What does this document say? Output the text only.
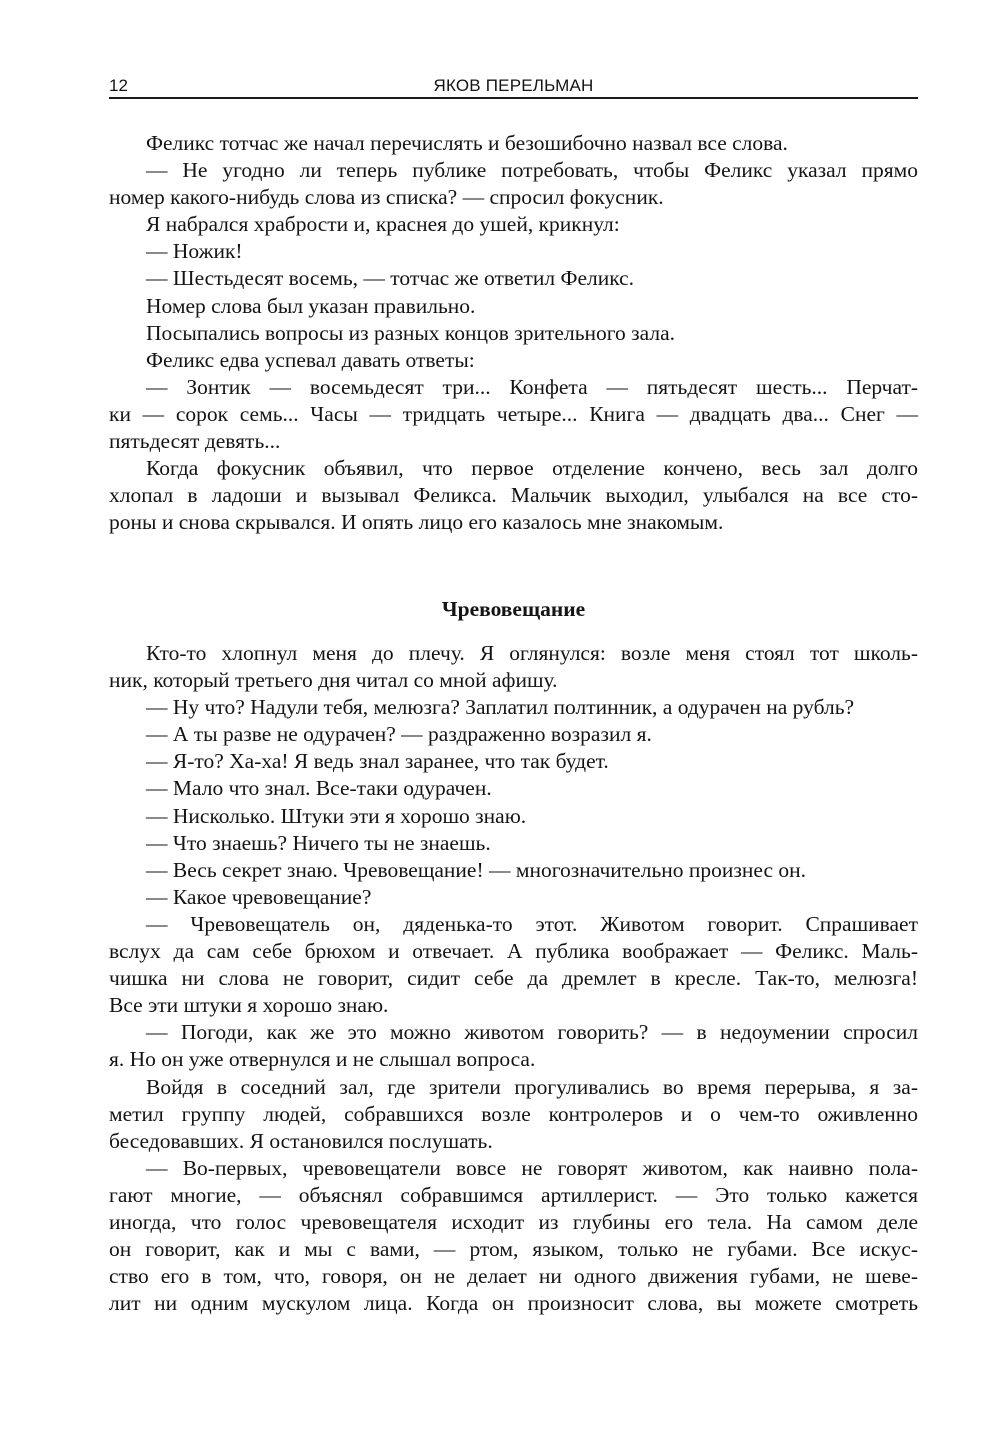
12	ЯКОВ ПЕРЕЛЬМАН

Феликс тотчас же начал перечислять и безошибочно назвал все слова.

— Не угодно ли теперь публике потребовать, чтобы Феликс указал прямо
номер какого-нибудь слова из списка? — спросил фокусник.

Я набрался храбрости и, краснея до ушей, крикнул:

— Ножик!

— Шестьдесят восемь, — тотчас же ответил Феликс.

Номер слова был указан правильно.

Посыпались вопросы из разных концов зрительного зала.

Феликс едва успевал давать ответы:

— Зонтик — восемьдесят три... Конфета — пятьдесят шесть... Перчат-
ки — сорок семь... Часы — тридцать четыре... Книга — двадцать два... Снег —
пятьдесят девять...

Когда фокусник объявил, что первое отделение кончено, весь зал долго
хлопал в ладоши и вызывал Феликса. Мальчик выходил, улыбался на все сто-
роны и снова скрывался. И опять лицо его казалось мне знакомым.

Чревовещание

Кто-то хлопнул меня до плечу. Я оглянулся: возле меня стоял тот школь-
ник, который третьего дня читал со мной афишу.

— Ну что? Надули тебя, мелюзга? Заплатил полтинник, а одурачен на рубль?

— А ты разве не одурачен? — раздраженно возразил я.

— Я-то? Ха-ха! Я ведь знал заранее, что так будет.

— Мало что знал. Все-таки одурачен.

— Нисколько. Штуки эти я хорошо знаю.

— Что знаешь? Ничего ты не знаешь.

— Весь секрет знаю. Чревовещание! — многозначительно произнес он.

— Какое чревовещание?

— Чревовещатель он, дяденька-то этот. Животом говорит. Спрашивает
вслух да сам себе брюхом и отвечает. А публика воображает — Феликс. Маль-
чишка ни слова не говорит, сидит себе да дремлет в кресле. Так-то, мелюзга!
Все эти штуки я хорошо знаю.

— Погоди, как же это можно животом говорить? — в недоумении спросил
я. Но он уже отвернулся и не слышал вопроса.

Войдя в соседний зал, где зрители прогуливались во время перерыва, я за-
метил группу людей, собравшихся возле контролеров и о чем-то оживленно
беседовавших. Я остановился послушать.

— Во-первых, чревовещатели вовсе не говорят животом, как наивно пола-
гают многие, — объяснял собравшимся артиллерист. — Это только кажется
иногда, что голос чревовещателя исходит из глубины его тела. На самом деле
он говорит, как и мы с вами, — ртом, языком, только не губами. Все искус-
ство его в том, что, говоря, он не делает ни одного движения губами, не шеве-
лит ни одним мускулом лица. Когда он произносит слова, вы можете смотреть
